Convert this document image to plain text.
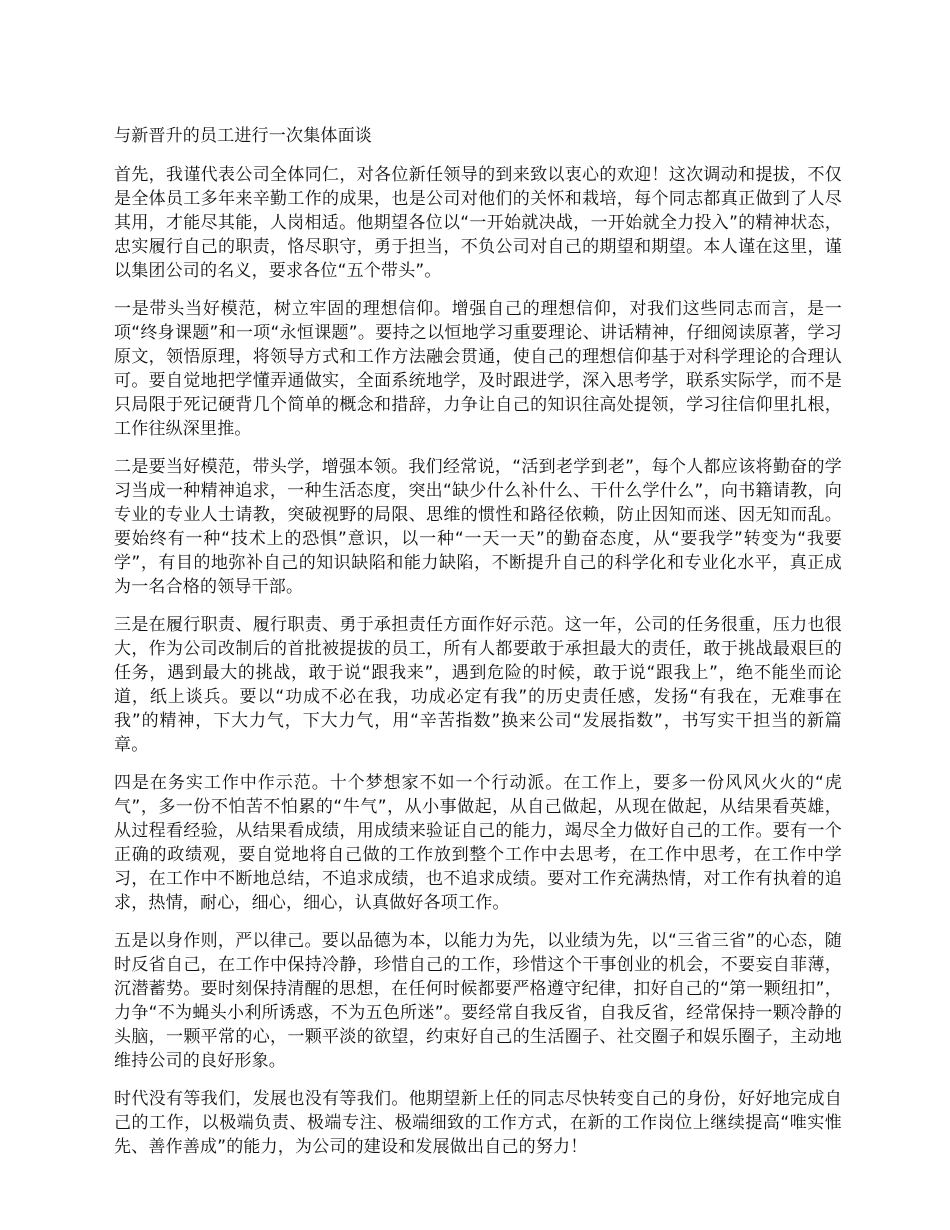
与新晋升的员工进行一次集体面谈

首先，我谨代表公司全体同仁，对各位新任领导的到来致以衷心的欢迎！这次调动和提拔，不仅是全体员工多年来辛勤工作的成果，也是公司对他们的关怀和栽培，每个同志都真正做到了人尽其用，才能尽其能，人岗相适。他期望各位以“一开始就决战，一开始就全力投入”的精神状态，忠实履行自己的职责，恪尽职守，勇于担当，不负公司对自己的期望和期望。本人谨在这里，谨以集团公司的名义，要求各位“五个带头”。

一是带头当好模范，树立牢固的理想信仰。增强自己的理想信仰，对我们这些同志而言，是一项“终身课题”和一项“永恒课题”。要持之以恒地学习重要理论、讲话精神，仔细阅读原著，学习原文，领悟原理，将领导方式和工作方法融会贯通，使自己的理想信仰基于对科学理论的合理认可。要自觉地把学懂弄通做实，全面系统地学，及时跟进学，深入思考学，联系实际学，而不是只局限于死记硬背几个简单的概念和措辞，力争让自己的知识往高处提领，学习往信仰里扎根，工作往纵深里推。

二是要当好模范，带头学，增强本领。我们经常说，“活到老学到老”，每个人都应该将勤奋的学习当成一种精神追求，一种生活态度，突出“缺少什么补什么、干什么学什么”，向书籍请教，向专业的专业人士请教，突破视野的局限、思维的惯性和路径依赖，防止因知而迷、因无知而乱。要始终有一种“技术上的恐惧”意识，以一种“一天一天”的勤奋态度，从“要我学”转变为“我要学”，有目的地弥补自己的知识缺陷和能力缺陷，不断提升自己的科学化和专业化水平，真正成为一名合格的领导干部。

三是在履行职责、履行职责、勇于承担责任方面作好示范。这一年，公司的任务很重，压力也很大，作为公司改制后的首批被提拔的员工，所有人都要敢于承担最大的责任，敢于挑战最艰巨的任务，遇到最大的挑战，敢于说“跟我来”，遇到危险的时候，敢于说“跟我上”，绝不能坐而论道，纸上谈兵。要以“功成不必在我，功成必定有我”的历史责任感，发扬“有我在，无难事在我”的精神，下大力气，下大力气，用“辛苦指数”换来公司“发展指数”，书写实干担当的新篇章。

四是在务实工作中作示范。十个梦想家不如一个行动派。在工作上，要多一份风风火火的“虎气”，多一份不怕苦不怕累的“牛气”，从小事做起，从自己做起，从现在做起，从结果看英雄，从过程看经验，从结果看成绩，用成绩来验证自己的能力，竭尽全力做好自己的工作。要有一个正确的政绩观，要自觉地将自己做的工作放到整个工作中去思考，在工作中思考，在工作中学习，在工作中不断地总结，不追求成绩，也不追求成绩。要对工作充满热情，对工作有执着的追求，热情，耐心，细心，细心，认真做好各项工作。

五是以身作则，严以律己。要以品德为本，以能力为先，以业绩为先，以“三省三省”的心态，随时反省自己，在工作中保持冷静，珍惜自己的工作，珍惜这个干事创业的机会，不要妄自菲薄，沉潜蓄势。要时刻保持清醒的思想，在任何时候都要严格遵守纪律，扣好自己的“第一颗纽扣”，力争“不为蝇头小利所诱惑，不为五色所迷”。要经常自我反省，自我反省，经常保持一颗冷静的头脑，一颗平常的心，一颗平淡的欲望，约束好自己的生活圈子、社交圈子和娱乐圈子，主动地维持公司的良好形象。

时代没有等我们，发展也没有等我们。他期望新上任的同志尽快转变自己的身份，好好地完成自己的工作，以极端负责、极端专注、极端细致的工作方式，在新的工作岗位上继续提高“唯实惟先、善作善成”的能力，为公司的建设和发展做出自己的努力！
